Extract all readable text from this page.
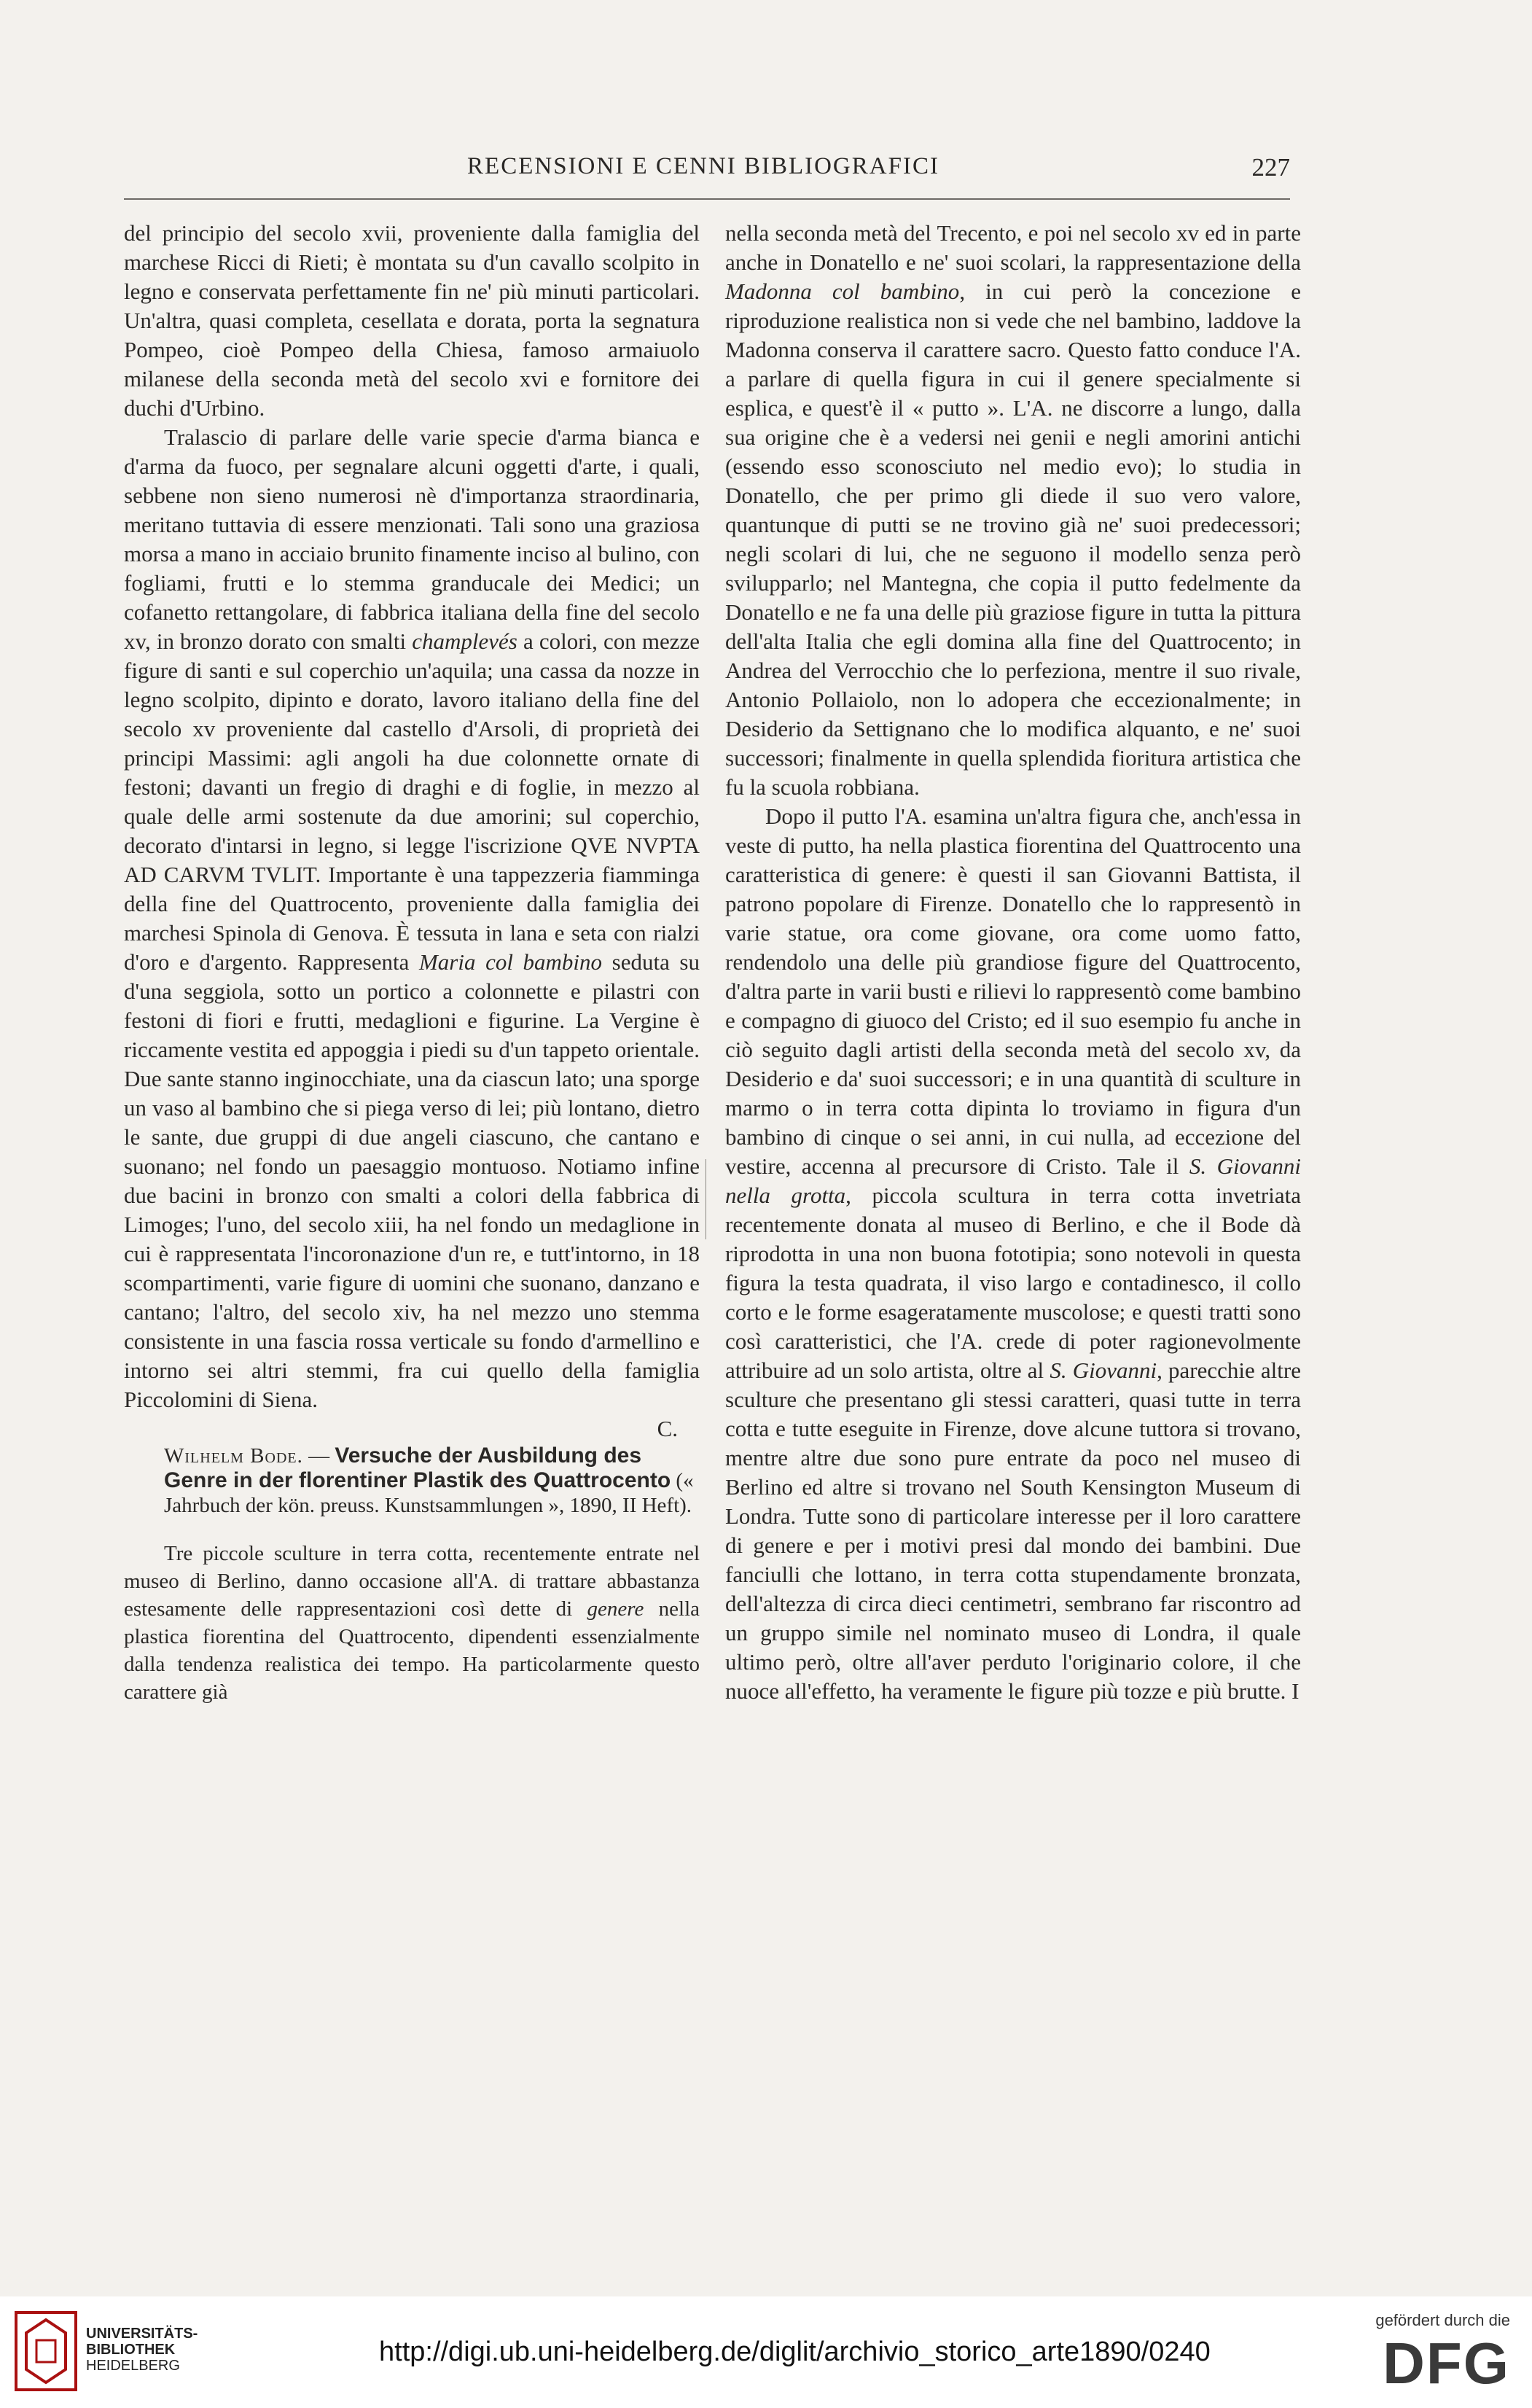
RECENSIONI E CENNI BIBLIOGRAFICI	227

del principio del secolo xvii, proveniente dalla famiglia del marchese Ricci di Rieti; è montata su d'un cavallo scolpito in legno e conservata perfettamente fin ne' più minuti particolari. Un'altra, quasi completa, cesellata e dorata, porta la segnatura Pompeo, cioè Pompeo della Chiesa, famoso armaiuolo milanese della seconda metà del secolo xvi e fornitore dei duchi d'Urbino.

Tralascio di parlare delle varie specie d'arma bianca e d'arma da fuoco, per segnalare alcuni oggetti d'arte, i quali, sebbene non sieno numerosi nè d'importanza straordinaria, meritano tuttavia di essere menzionati. Tali sono una graziosa morsa a mano in acciaio brunito finamente inciso al bulino, con fogliami, frutti e lo stemma granducale dei Medici; un cofanetto rettangolare, di fabbrica italiana della fine del secolo xv, in bronzo dorato con smalti champlevés a colori, con mezze figure di santi e sul coperchio un'aquila; una cassa da nozze in legno scolpito, dipinto e dorato, lavoro italiano della fine del secolo xv proveniente dal castello d'Arsoli, di proprietà dei principi Massimi: agli angoli ha due colonnette ornate di festoni; davanti un fregio di draghi e di foglie, in mezzo al quale delle armi sostenute da due amorini; sul coperchio, decorato d'intarsi in legno, si legge l'iscrizione QVE NVPTA AD CARVM TVLIT. Importante è una tappezzeria fiamminga della fine del Quattrocento, proveniente dalla famiglia dei marchesi Spinola di Genova. È tessuta in lana e seta con rialzi d'oro e d'argento. Rappresenta Maria col bambino seduta su d'una seggiola, sotto un portico a colonnette e pilastri con festoni di fiori e frutti, medaglioni e figurine. La Vergine è riccamente vestita ed appoggia i piedi su d'un tappeto orientale. Due sante stanno inginocchiate, una da ciascun lato; una sporge un vaso al bambino che si piega verso di lei; più lontano, dietro le sante, due gruppi di due angeli ciascuno, che cantano e suonano; nel fondo un paesaggio montuoso. Notiamo infine due bacini in bronzo con smalti a colori della fabbrica di Limoges; l'uno, del secolo xiii, ha nel fondo un medaglione in cui è rappresentata l'incoronazione d'un re, e tutt'intorno, in 18 scompartimenti, varie figure di uomini che suonano, danzano e cantano; l'altro, del secolo xiv, ha nel mezzo uno stemma consistente in una fascia rossa verticale su fondo d'armellino e intorno sei altri stemmi, fra cui quello della famiglia Piccolomini di Siena.

C.

Wilhelm Bode. — Versuche der Ausbildung des Genre in der florentiner Plastik des Quattrocento (« Jahrbuch der kön. preuss. Kunstsammlungen », 1890, II Heft).

Tre piccole sculture in terra cotta, recentemente entrate nel museo di Berlino, danno occasione all'A. di trattare abbastanza estesamente delle rappresentazioni così dette di genere nella plastica fiorentina del Quattrocento, dipendenti essenzialmente dalla tendenza realistica dei tempo. Ha particolarmente questo carattere già

nella seconda metà del Trecento, e poi nel secolo xv ed in parte anche in Donatello e ne' suoi scolari, la rappresentazione della Madonna col bambino, in cui però la concezione e riproduzione realistica non si vede che nel bambino, laddove la Madonna conserva il carattere sacro. Questo fatto conduce l'A. a parlare di quella figura in cui il genere specialmente si esplica, e quest'è il « putto ». L'A. ne discorre a lungo, dalla sua origine che è a vedersi nei genii e negli amorini antichi (essendo esso sconosciuto nel medio evo); lo studia in Donatello, che per primo gli diede il suo vero valore, quantunque di putti se ne trovino già ne' suoi predecessori; negli scolari di lui, che ne seguono il modello senza però svilupparlo; nel Mantegna, che copia il putto fedelmente da Donatello e ne fa una delle più graziose figure in tutta la pittura dell'alta Italia che egli domina alla fine del Quattrocento; in Andrea del Verrocchio che lo perfeziona, mentre il suo rivale, Antonio Pollaiolo, non lo adopera che eccezionalmente; in Desiderio da Settignano che lo modifica alquanto, e ne' suoi successori; finalmente in quella splendida fioritura artistica che fu la scuola robbiana.

Dopo il putto l'A. esamina un'altra figura che, anch'essa in veste di putto, ha nella plastica fiorentina del Quattrocento una caratteristica di genere: è questi il san Giovanni Battista, il patrono popolare di Firenze. Donatello che lo rappresentò in varie statue, ora come giovane, ora come uomo fatto, rendendolo una delle più grandiose figure del Quattrocento, d'altra parte in varii busti e rilievi lo rappresentò come bambino e compagno di giuoco del Cristo; ed il suo esempio fu anche in ciò seguito dagli artisti della seconda metà del secolo xv, da Desiderio e da' suoi successori; e in una quantità di sculture in marmo o in terra cotta dipinta lo troviamo in figura d'un bambino di cinque o sei anni, in cui nulla, ad eccezione del vestire, accenna al precursore di Cristo. Tale il S. Giovanni nella grotta, piccola scultura in terra cotta invetriata recentemente donata al museo di Berlino, e che il Bode dà riprodotta in una non buona fototipia; sono notevoli in questa figura la testa quadrata, il viso largo e contadinesco, il collo corto e le forme esageratamente muscolose; e questi tratti sono così caratteristici, che l'A. crede di poter ragionevolmente attribuire ad un solo artista, oltre al S. Giovanni, parecchie altre sculture che presentano gli stessi caratteri, quasi tutte in terra cotta e tutte eseguite in Firenze, dove alcune tuttora si trovano, mentre altre due sono pure entrate da poco nel museo di Berlino ed altre si trovano nel South Kensington Museum di Londra. Tutte sono di particolare interesse per il loro carattere di genere e per i motivi presi dal mondo dei bambini. Due fanciulli che lottano, in terra cotta stupendamente bronzata, dell'altezza di circa dieci centimetri, sembrano far riscontro ad un gruppo simile nel nominato museo di Londra, il quale ultimo però, oltre all'aver perduto l'originario colore, il che nuoce all'effetto, ha veramente le figure più tozze e più brutte. I

UNIVERSITÄTS-
BIBLIOTHEK
HEIDELBERG	http://digi.ub.uni-heidelberg.de/diglit/archivio_storico_arte1890/0240
gefördert durch die
DFG
